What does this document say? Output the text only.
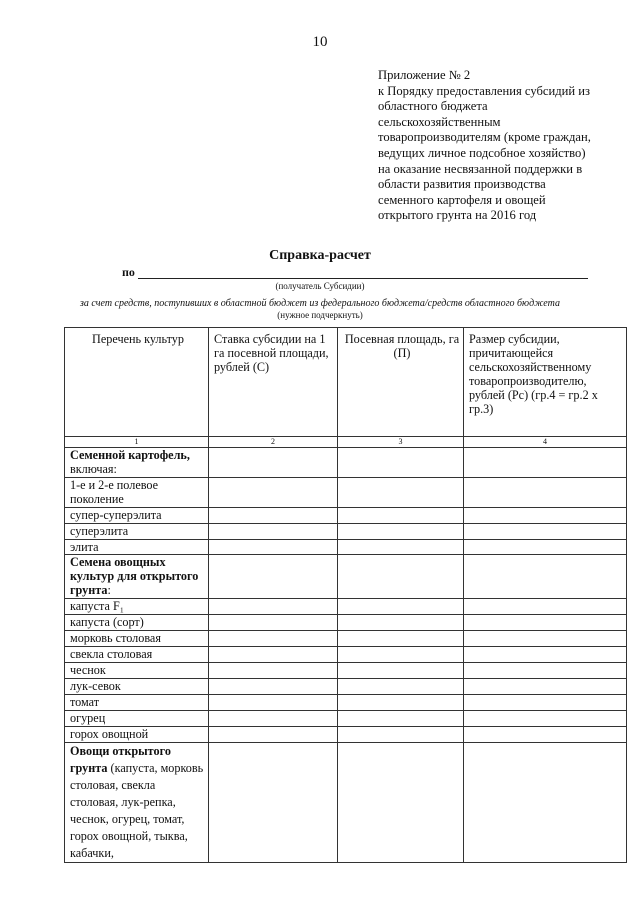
10
Приложение № 2
к Порядку предоставления субсидий из
областного бюджета
сельскохозяйственным
товаропроизводителям (кроме граждан,
ведущих личное подсобное хозяйство)
на оказание несвязанной поддержки в
области развития производства
семенного картофеля и овощей
открытого грунта на 2016 год
Справка-расчет
по
(получатель Субсидии)
за счет средств, поступивших в областной бюджет из федерального бюджета/средств областного бюджета
(нужное подчеркнуть)
Перечень культур	Ставка субсидии на 1 га посевной площади, рублей (С)	Посевная площадь, га (П)	Размер субсидии, причитающейся сельскохозяйственному товаропроизводителю, рублей (Рс) (гр.4 = гр.2 х гр.3)
1	2	3	4
Семенной картофель, включая:			
1-е и 2-е полевое поколение			
супер-суперэлита			
суперэлита			
элита			
Семена овощных культур для открытого грунта:			
капуста F₁			
капуста (сорт)			
морковь столовая			
свекла столовая			
чеснок			
лук-севок			
томат			
огурец			
горох овощной			
Овощи открытого грунта (капуста, морковь столовая, свекла столовая, лук-репка, чеснок, огурец, томат, горох овощной, тыква, кабачки,			
